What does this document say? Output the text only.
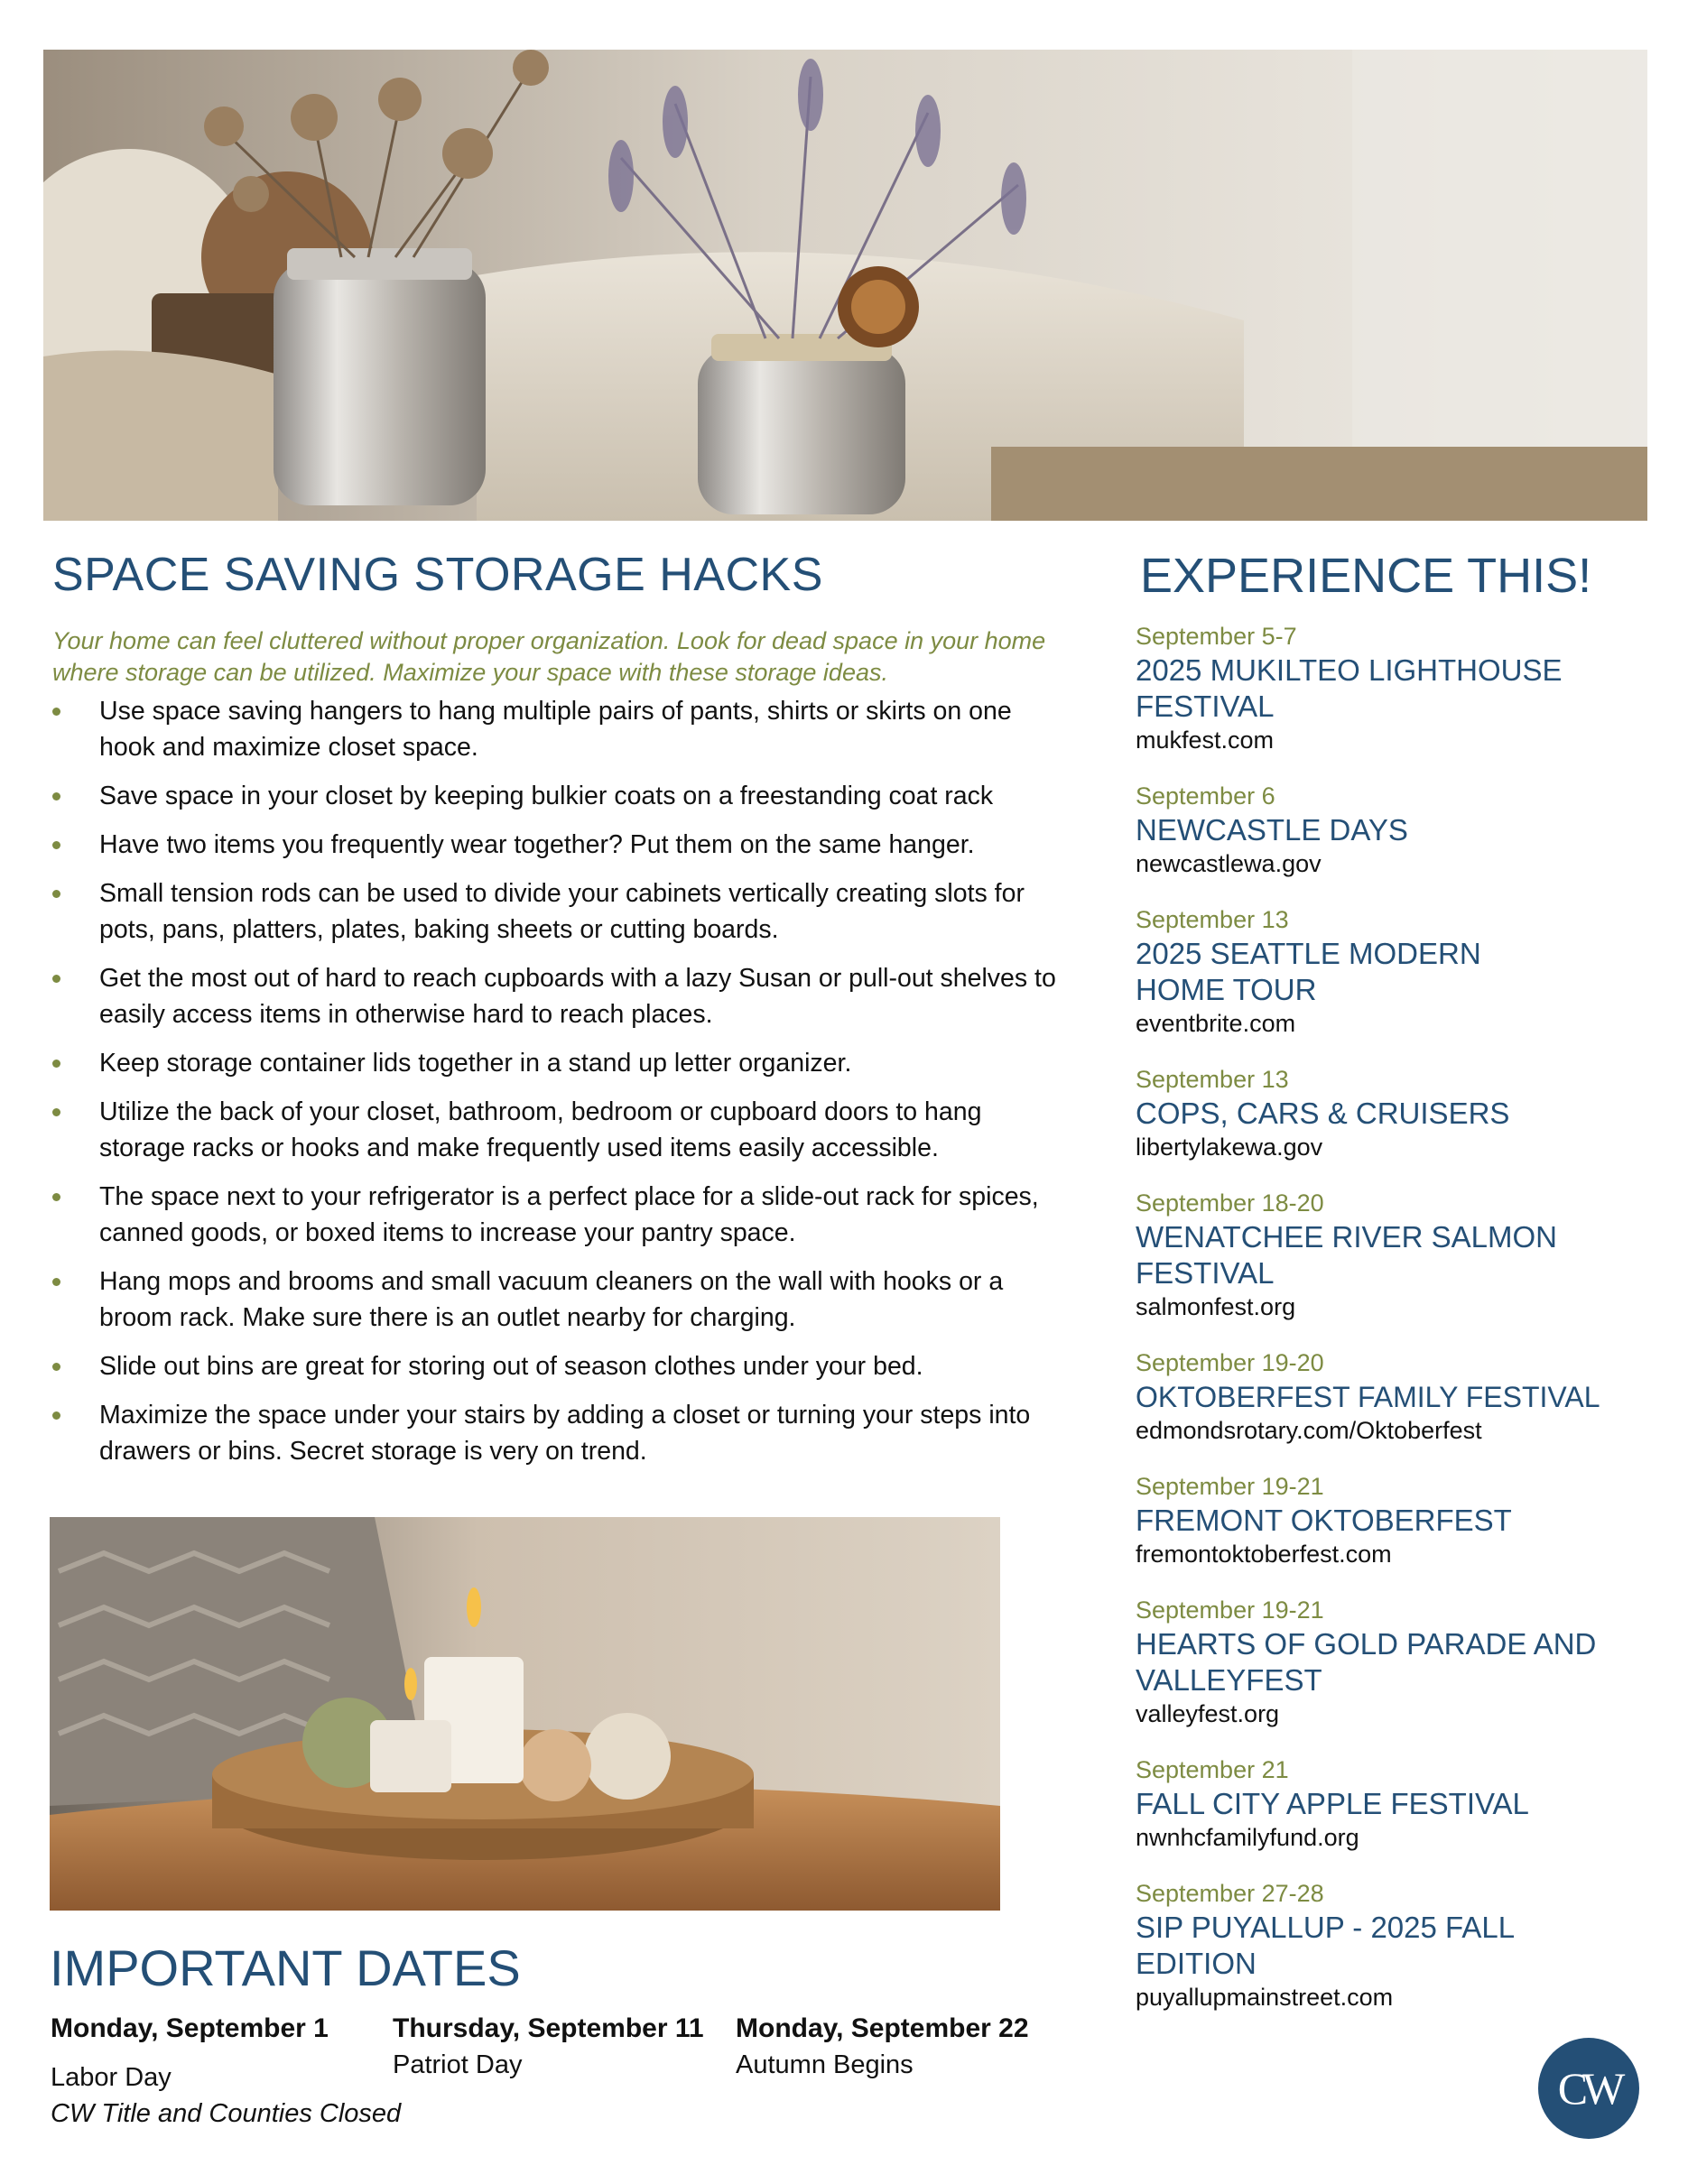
SPACE SAVING STORAGE HACKS
Your home can feel cluttered without proper organization. Look for dead space in your home where storage can be utilized. Maximize your space with these storage ideas.
Use space saving hangers to hang multiple pairs of pants, shirts or skirts on one hook and maximize closet space.
Save space in your closet by keeping bulkier coats on a freestanding coat rack
Have two items you frequently wear together? Put them on the same hanger.
Small tension rods can be used to divide your cabinets vertically creating slots for pots, pans, platters, plates, baking sheets or cutting boards.
Get the most out of hard to reach cupboards with a lazy Susan or pull-out shelves to easily access items in otherwise hard to reach places.
Keep storage container lids together in a stand up letter organizer.
Utilize the back of your closet, bathroom, bedroom or cupboard doors to hang storage racks or hooks and make frequently used items easily accessible.
The space next to your refrigerator is a perfect place for a slide-out rack for spices, canned goods, or boxed items to increase your pantry space.
Hang mops and brooms and small vacuum cleaners on the wall with hooks or a broom rack. Make sure there is an outlet nearby for charging.
Slide out bins are great for storing out of season clothes under your bed.
Maximize the space under your stairs by adding a closet or turning your steps into drawers or bins. Secret storage is very on trend.
IMPORTANT DATES
Monday, September 1
Labor Day
CW Title and Counties Closed
Thursday, September 11
Patriot Day
Monday, September 22
Autumn Begins
EXPERIENCE THIS!
September 5-7
2025 MUKILTEO LIGHTHOUSE FESTIVAL
mukfest.com
September 6
NEWCASTLE DAYS
newcastlewa.gov
September 13
2025 SEATTLE MODERN HOME TOUR
eventbrite.com
September 13
COPS, CARS & CRUISERS
libertylakewa.gov
September 18-20
WENATCHEE RIVER SALMON FESTIVAL
salmonfest.org
September 19-20
OKTOBERFEST FAMILY FESTIVAL
edmondsrotary.com/Oktoberfest
September 19-21
FREMONT OKTOBERFEST
fremontoktoberfest.com
September 19-21
HEARTS OF GOLD PARADE AND VALLEYFEST
valleyfest.org
September 21
FALL CITY APPLE FESTIVAL
nwnhcfamilyfund.org
September 27-28
SIP PUYALLUP - 2025 FALL EDITION
puyallupmainstreet.com
CW
